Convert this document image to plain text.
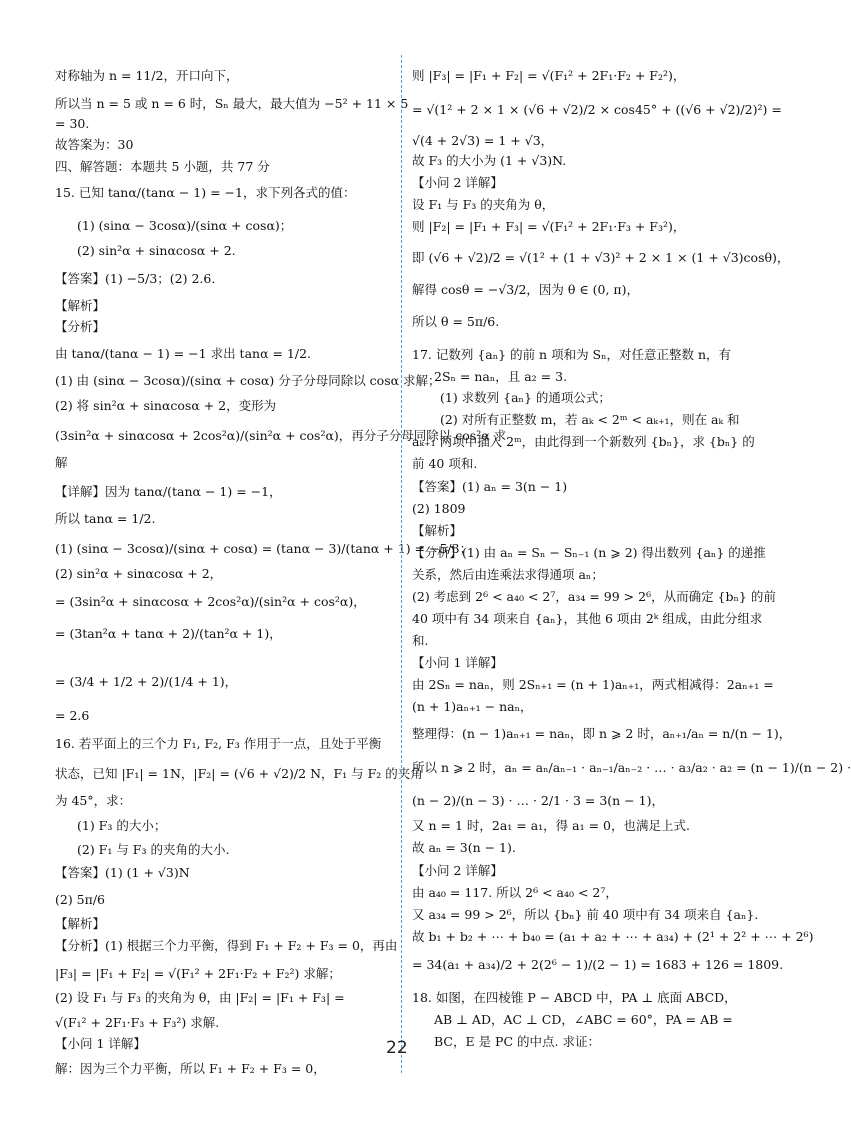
对称轴为 n = 11/2，开口向下，
所以当 n = 5 或 n = 6 时，Sₙ 最大，最大值为 −5² + 11 × 5
= 30.
故答案为：30
四、解答题：本题共 5 小题，共 77 分
15. 已知 tanα/(tanα − 1) = −1，求下列各式的值：
(1) (sinα − 3cosα)/(sinα + cosα)；
(2) sin²α + sinαcosα + 2.
【答案】(1) −5/3；(2) 2.6.
【解析】
【分析】
由 tanα/(tanα − 1) = −1 求出 tanα = 1/2.
(1) 由 (sinα − 3cosα)/(sinα + cosα) 分子分母同除以 cosα 求解；
(2) 将 sin²α + sinαcosα + 2，变形为
(3sin²α + sinαcosα + 2cos²α)/(sin²α + cos²α)，再分子分母同除以 cos²α 求
解
【详解】因为 tanα/(tanα − 1) = −1，
所以 tanα = 1/2.
(1) (sinα − 3cosα)/(sinα + cosα) = (tanα − 3)/(tanα + 1) = −5/3；
(2) sin²α + sinαcosα + 2，
= (3sin²α + sinαcosα + 2cos²α)/(sin²α + cos²α)，
= (3tan²α + tanα + 2)/(tan²α + 1)，
= (3/4 + 1/2 + 2)/(1/4 + 1)，
= 2.6
16. 若平面上的三个力 F₁, F₂, F₃ 作用于一点，且处于平衡
状态，已知 |F₁| = 1N，|F₂| = (√6 + √2)/2 N，F₁ 与 F₂ 的夹角
为 45°，求：
(1) F₃ 的大小；
(2) F₁ 与 F₃ 的夹角的大小.
【答案】(1) (1 + √3)N
(2) 5π/6
【解析】
【分析】(1) 根据三个力平衡，得到 F₁ + F₂ + F₃ = 0，再由
|F₃| = |F₁ + F₂| = √(F₁² + 2F₁·F₂ + F₂²) 求解；
(2) 设 F₁ 与 F₃ 的夹角为 θ，由 |F₂| = |F₁ + F₃| =
√(F₁² + 2F₁·F₃ + F₃²) 求解.
【小问 1 详解】
解：因为三个力平衡，所以 F₁ + F₂ + F₃ = 0，
则 |F₃| = |F₁ + F₂| = √(F₁² + 2F₁·F₂ + F₂²)，
= √(1² + 2 × 1 × (√6 + √2)/2 × cos45° + ((√6 + √2)/2)²) =
√(4 + 2√3) = 1 + √3，
故 F₃ 的大小为 (1 + √3)N.
【小问 2 详解】
设 F₁ 与 F₃ 的夹角为 θ，
则 |F₂| = |F₁ + F₃| = √(F₁² + 2F₁·F₃ + F₃²)，
即 (√6 + √2)/2 = √(1² + (1 + √3)² + 2 × 1 × (1 + √3)cosθ)，
解得 cosθ = −√3/2，因为 θ ∈ (0, π)，
所以 θ = 5π/6.
17. 记数列 {aₙ} 的前 n 项和为 Sₙ，对任意正整数 n，有
2Sₙ = naₙ，且 a₂ = 3.
(1) 求数列 {aₙ} 的通项公式；
(2) 对所有正整数 m，若 aₖ < 2ᵐ < aₖ₊₁，则在 aₖ 和
aₖ₊₁ 两项中插入 2ᵐ，由此得到一个新数列 {bₙ}，求 {bₙ} 的
前 40 项和.
【答案】(1) aₙ = 3(n − 1)
(2) 1809
【解析】
【分析】(1) 由 aₙ = Sₙ − Sₙ₋₁ (n ⩾ 2) 得出数列 {aₙ} 的递推
关系，然后由连乘法求得通项 aₙ；
(2) 考虑到 2⁶ < a₄₀ < 2⁷，a₃₄ = 99 > 2⁶，从而确定 {bₙ} 的前
40 项中有 34 项来自 {aₙ}，其他 6 项由 2ᵏ 组成，由此分组求
和.
【小问 1 详解】
由 2Sₙ = naₙ，则 2Sₙ₊₁ = (n + 1)aₙ₊₁，两式相减得：2aₙ₊₁ =
(n + 1)aₙ₊₁ − naₙ，
整理得：(n − 1)aₙ₊₁ = naₙ，即 n ⩾ 2 时，aₙ₊₁/aₙ = n/(n − 1)，
所以 n ⩾ 2 时，aₙ = aₙ/aₙ₋₁ · aₙ₋₁/aₙ₋₂ · … · a₃/a₂ · a₂ = (n − 1)/(n − 2) ·
(n − 2)/(n − 3) · … · 2/1 · 3 = 3(n − 1)，
又 n = 1 时，2a₁ = a₁，得 a₁ = 0，也满足上式.
故 aₙ = 3(n − 1).
【小问 2 详解】
由 a₄₀ = 117. 所以 2⁶ < a₄₀ < 2⁷，
又 a₃₄ = 99 > 2⁶，所以 {bₙ} 前 40 项中有 34 项来自 {aₙ}.
故 b₁ + b₂ + ⋯ + b₄₀ = (a₁ + a₂ + ⋯ + a₃₄) + (2¹ + 2² + ⋯ + 2⁶)
= 34(a₁ + a₃₄)/2 + 2(2⁶ − 1)/(2 − 1) = 1683 + 126 = 1809.
18. 如图，在四棱锥 P − ABCD 中，PA ⊥ 底面 ABCD，
AB ⊥ AD，AC ⊥ CD，∠ABC = 60°，PA = AB =
BC，E 是 PC 的中点. 求证：
22
